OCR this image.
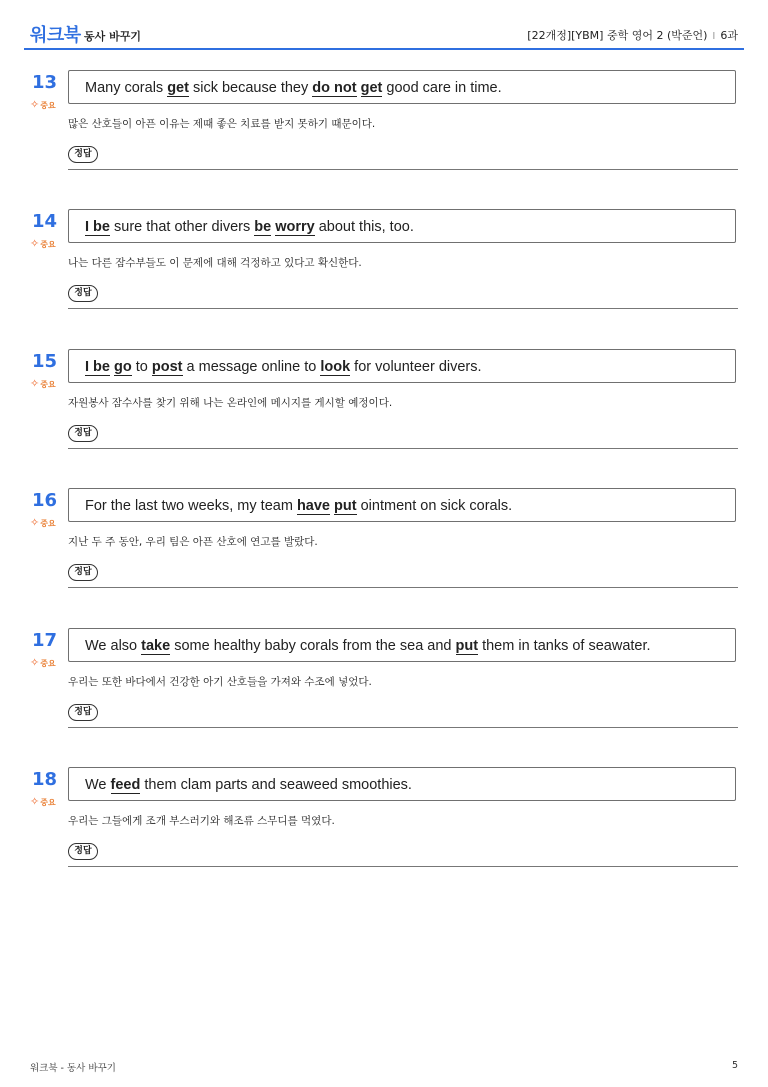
워크북 동사 바꾸기	[22개정][YBM] 중학 영어 2 (박준언) I 6과
13
✧중요
Many corals get sick because they do not get good care in time.
많은 산호들이 아픈 이유는 제때 좋은 치료를 받지 못하기 때문이다.
정답
14
✧중요
I be sure that other divers be worry about this, too.
나는 다른 잠수부들도 이 문제에 대해 걱정하고 있다고 확신한다.
정답
15
✧중요
I be go to post a message online to look for volunteer divers.
자원봉사 잠수사를 찾기 위해 나는 온라인에 메시지를 게시할 예정이다.
정답
16
✧중요
For the last two weeks, my team have put ointment on sick corals.
지난 두 주 동안, 우리 팀은 아픈 산호에 연고를 발랐다.
정답
17
✧중요
We also take some healthy baby corals from the sea and put them in tanks of seawater.
우리는 또한 바다에서 건강한 아기 산호들을 가져와 수조에 넣었다.
정답
18
✧중요
We feed them clam parts and seaweed smoothies.
우리는 그들에게 조개 부스러기와 해조류 스무디를 먹였다.
정답
워크북 - 동사 바꾸기	5
